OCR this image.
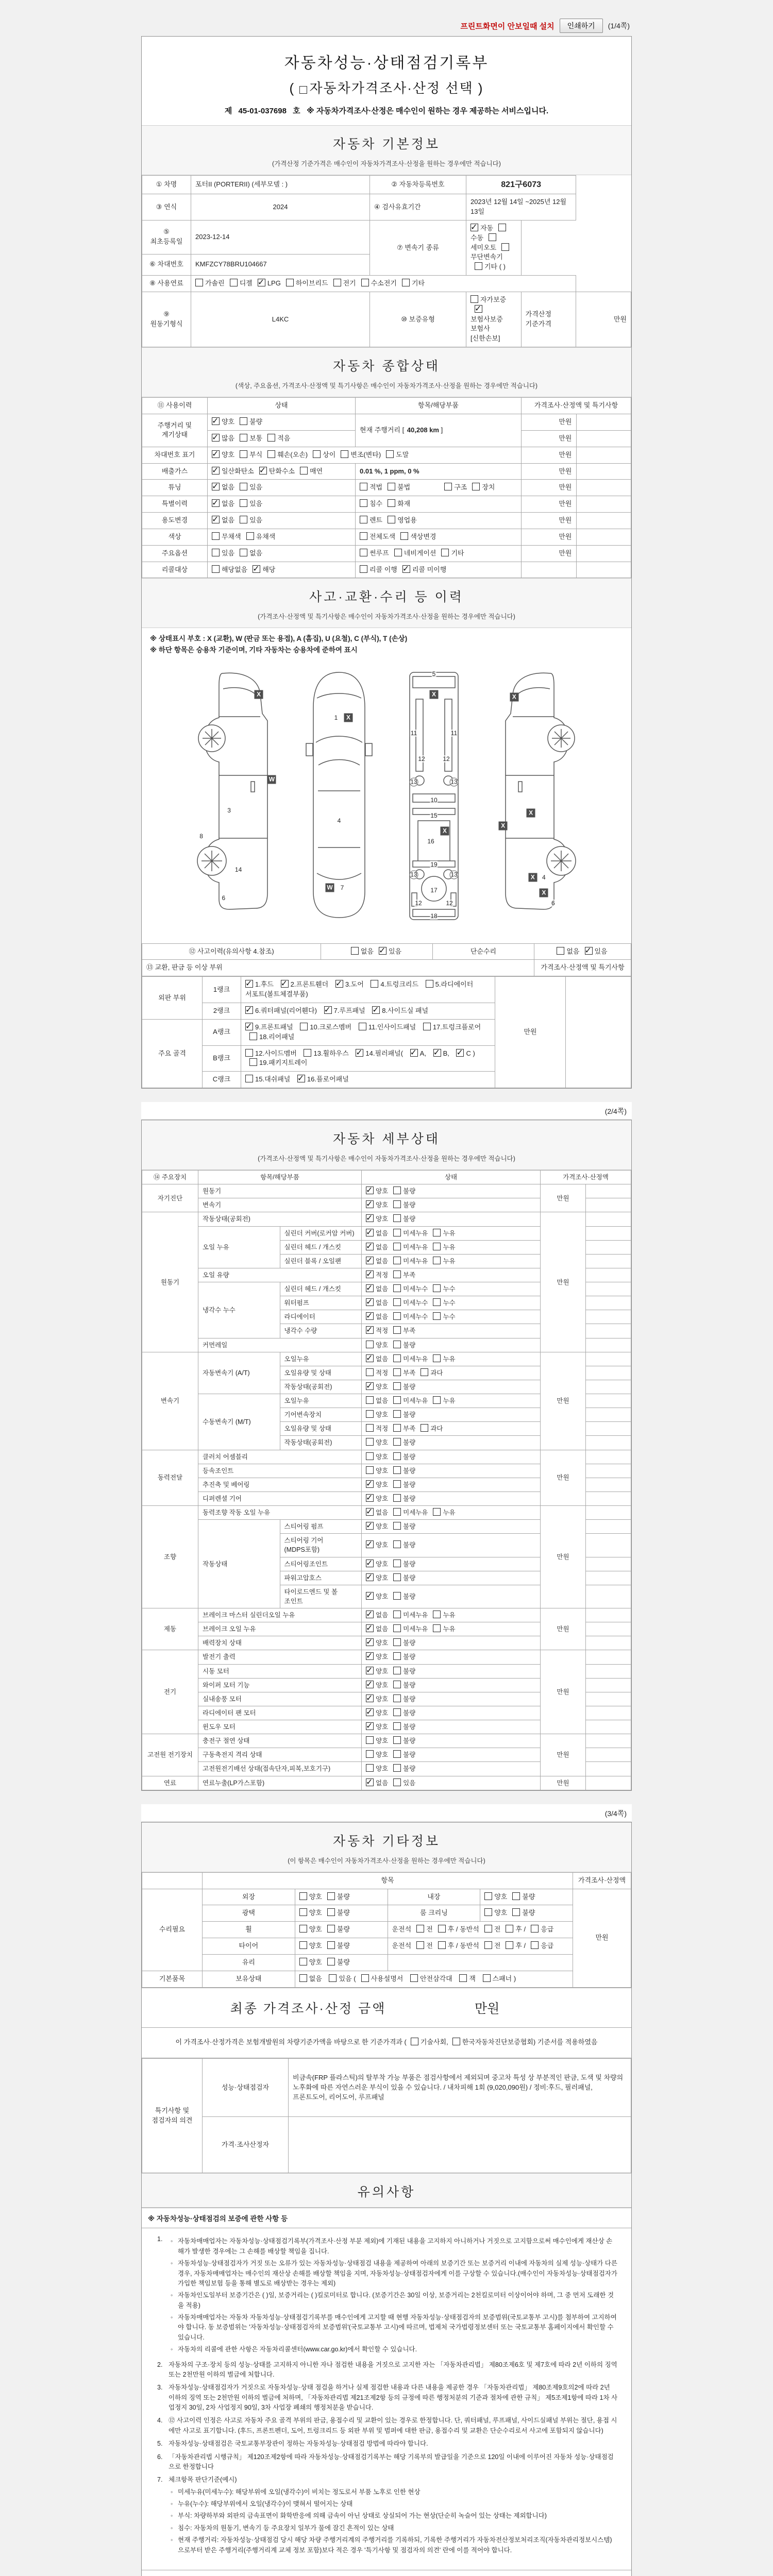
프린트화면이 안보일때 설치	인쇄하기	(1/4쪽)
자동차성능·상태점검기록부
( 자동차가격조사·산정 선택 )
제 45-01-037698 호 ※ 자동차가격조사·산정은 매수인이 원하는 경우 제공하는 서비스입니다.
자동차 기본정보
(가격산정 기준가격은 매수인이 자동차가격조사·산정을 원하는 경우에만 적습니다)
① 차명	포터II (PORTERII) (세부모델 : )	② 자동차등록번호	821구6073		
③ 연식	2024	④ 검사유효기간	2023년 12월 14일 ~2025년 12월 13일		
⑤ 최초등록일	2023-12-14	⑦ 변속기 종류	✓자동수동세미오토무단변속기기타 ( )
⑥ 차대번호	KMFZCY78BRU104667				
⑧ 사용연료	가솔린 디젤 ✓ LPG 하이브리드 전기 수소전기 기타
⑨ 원동기형식	L4KC	⑩ 보증유형	자가보증✓보험사보증 보험사[신한손보]	가격산정 기준가격	만원
자동차 종합상태
(색상, 주요옵션, 가격조사·산정액 및 특기사항은 매수인이 자동차가격조사·산정을 원하는 경우에만 적습니다)
⑪ 사용이력	상태	항목/해당부품	가격조사·산정액 및 특기사항	
주행거리 및 계기상태	✓양호 불량	현재 주행거리 [ 40,208 km ]	만원	
✓많음 보통 적음		만원	
차대번호 표기	✓양호 부식 훼손(오손) 상이 변조(변타) 도말		만원	
배출가스	✓일산화탄소 ✓ 탄화수소 매연	0.01 %, 1 ppm, 0 %	만원	
튜닝	✓없음 있음	적법 불법 구조 장치	만원	
특별이력	✓없음 있음	침수 화재	만원	
용도변경	✓없음 있음	렌트 영업용	만원	
색상	무채색 유채색	전체도색 색상변경	만원	
주요옵션	있음 없음	썬루프 네비게이션 기타	만원	
리콜대상	해당없음 ✓ 해당	리콜 이행 ✓ 리콜 미이행		
사고·교환·수리 등 이력
(가격조사·산정액 및 특기사항은 매수인이 자동차가격조사·산정을 원하는 경우에만 적습니다)
※ 상태표시 부호 : X (교환), W (판금 또는 용접), A (흠집), U (요철), C (부식), T (손상)
※ 하단 항목은 승용차 기준이며, 기타 자동차는 승용차에 준하여 표시
X
W
3
8
14
6
X
W
1
4
7
X
X
5
11	11
12	12
13	13
10
15
16
19
13	13
17
12	12
18
X
X
X
X
X
4
6
⑫ 사고이력(유의사항 4.참조)	없음 ✓ 있음	단순수리	없음 ✓ 있음
⑬ 교환, 판금 등 이상 부위			가격조사·산정액 및 특기사항
외판 부위	1랭크	✓1.후드 ✓2.프론트휀더 ✓3.도어 4.트렁크리드 5.라디에이터 서포트(볼트체결부품)	만원	
	2랭크	✓6.쿼터패널(리어휀다) ✓7.루프패널 ✓8.사이드실 패널
주요 골격	A랭크	✓9.프론트패널 10.크로스멤버 11.인사이드패널 17.트렁크플로어 18.리어패널
	B랭크	12.사이드멤버 13.휠하우스 ✓14.필러패널( ✓A, ✓B, ✓C ) 19.패키지트레이
	C랭크	15.대쉬패널 ✓16.플로어패널
(2/4쪽)
자동차 세부상태
(가격조사·산정액 및 특기사항은 매수인이 자동차가격조사·산정을 원하는 경우에만 적습니다)
⑭ 주요장치	항목/해당부품		상태	가격조사·산정액	
자기진단	원동기	✓양호 불량	만원	
	변속기	✓양호 불량	
원동기	작동상태(공회전)	✓양호 불량	만원	
	오일 누유	실린더 커버(로커암 커버)	✓없음 미세누유 누유	
		실린더 헤드 / 개스킷	✓없음 미세누유 누유	
		실린더 블록 / 오일팬	✓없음 미세누유 누유	
	오일 유량	✓적정 부족	
	냉각수 누수	실린더 헤드 / 개스킷	✓없음 미세누수 누수	
		워터펌프	✓없음 미세누수 누수	
		라디에이터	✓없음 미세누수 누수	
		냉각수 수량	✓적정 부족	
	커먼레일		양호 불량		
변속기	자동변속기 (A/T)	오일누유	✓없음 미세누유 누유	만원	
		오일유량 및 상태	적정 부족 과다		
		작동상태(공회전)	✓양호 불량	
	수동변속기 (M/T)	오일누유	없음 미세누유 누유		
		기어변속장치	양호 불량		
		오일유량 및 상태	적정 부족 과다		
		작동상태(공회전)	양호 불량		
동력전달	클러치 어셈블리		양호 불량	만원	
	등속조인트		양호 불량		
	추진축 및 베어링	✓양호 불량	
	디퍼렌셜 기어	✓양호 불량	
조향	동력조향 작동 오일 누유	✓없음 미세누유 누유	만원	
	작동상태	스티어링 펌프	✓양호 불량	
		스티어링 기어(MDPS포함)	✓양호 불량	
		스티어링조인트	✓양호 불량	
		파워고압호스	✓양호 불량	
		타이로드엔드 및 볼 조인트	✓양호 불량	
제동	브레이크 마스터 실린더오일 누유	✓없음 미세누유 누유	만원	
	브레이크 오일 누유	✓없음 미세누유 누유	
	배력장치 상태	✓양호 불량	
전기	발전기 출력	✓양호 불량	만원	
	시동 모터	✓양호 불량	
	와이퍼 모터 기능	✓양호 불량	
	실내송풍 모터	✓양호 불량	
	라디에이터 팬 모터	✓양호 불량	
	윈도우 모터	✓양호 불량	
고전원 전기장치	충전구 절연 상태		양호 불량	만원	
	구동축전지 격리 상태		양호 불량		
	고전원전기배선 상태(접속단자,피복,보호기구)		양호 불량		
연료	연료누출(LP가스포함)	✓없음 있음	만원	
(3/4쪽)
자동차 기타정보
(이 항목은 매수인이 자동차가격조사·산정을 원하는 경우에만 적습니다)
	항목				가격조사·산정액
수리필요	외장	양호 불량	내장	양호 불량	만원
	광택	양호 불량	룸 크리닝	양호 불량	
	휠	양호 불량	운전석 전 후 / 동반석 전 후 / 응급		
	타이어	양호 불량	운전석 전 후 / 동반석 전 후 / 응급		
	유리	양호 불량			
기본품목	보유상태	없음 있음 ( 사용설명서 안전삼각대 잭 스패너 )			
최종 가격조사·산정 금액	만원
이 가격조사·산정가격은 보험개발원의 차량기준가액을 바탕으로 한 기준가격과 ( 기술사회, 한국자동차진단보증협회) 기준서를 적용하였음
특기사항 및 점검자의 의견	성능·상태점검자	비금속(FRP 플라스틱)의 탈부착 가능 부품은 점검사항에서 제외되며 중고차 특성 상 부분적인 판금, 도색 및 차량의 노후화에 따른 자연스러운 부식이 있을 수 있습니다. / 내차피해 1회 (9,020,090원) / 정비:후드, 필러패널, 프론트도어, 리어도어, 루프패널
	가격·조사산정자	
유의사항
※ 자동차성능·상태점검의 보증에 관한 사항 등
1.	◦ 자동차매매업자는 자동차성능·상태점검기록부(가격조사·산정 부분 제외)에 기재된 내용을 고지하지 아니하거나 거짓으로 고지함으로써 매수인에게 재산상 손해가 발생한 경우에는 그 손해를 배상할 책임을 집니다.
◦ 자동차성능·상태점검자가 거짓 또는 오류가 있는 자동차성능·상태점검 내용을 제공하여 아래의 보증기간 또는 보증거리 이내에 자동차의 실제 성능·상태가 다른 경우, 자동차매매업자는 매수인의 재산상 손해를 배상할 책임을 지며, 자동차성능·상태점검자에게 이를 구상할 수 있습니다.(매수인이 자동차성능·상태점검자가 가입한 책임보험 등을 통해 별도로 배상받는 경우는 제외)
◦ 자동차인도일부터 보증기간은 ( )일, 보증거리는 ( )킬로미터로 합니다. (보증기간은 30일 이상, 보증거리는 2천킬로미터 이상이어야 하며, 그 중 먼저 도래한 것을 적용)
◦ 자동차매매업자는 자동차 자동차성능·상태점검기록부를 매수인에게 고지할 때 현행 자동차성능·상태점검자의 보증범위(국토교통부 고시)를 첨부하여 고지하여야 합니다. 동 보증범위는 '자동차성능·상태점검자의 보증범위'(국토교통부 고시)에 따르며, 법제처 국가법령정보센터 또는 국토교통부 홈페이지에서 확인할 수 있습니다.
◦ 자동차의 리콜에 관한 사항은 자동차리콜센터(www.car.go.kr)에서 확인할 수 있습니다.
2. 자동차의 구조·장치 등의 성능·상태를 고지하지 아니한 자나 점검한 내용을 거짓으로 고지한 자는 「자동차관리법」 제80조제6호 및 제7호에 따라 2년 이하의 징역 또는 2천만원 이하의 벌금에 처합니다.
3. 자동차성능·상태점검자가 거짓으로 자동차성능·상태 점검을 하거나 실제 점검한 내용과 다른 내용을 제공한 경우 「자동차관리법」 제80조제9호의2에 따라 2년 이하의 징역 또는 2천만원 이하의 벌금에 처하며, 「자동차관리법 제21조제2항 등의 규정에 따른 행정처분의 기준과 절차에 관한 규칙」 제5조제1항에 따라 1차 사업정지 30일, 2차 사업정지 90일, 3차 사업장 폐쇄의 행정처분을 받습니다.
4. ⑫ 사고이력 인정은 사고로 자동차 주요 골격 부위의 판금, 용접수리 및 교환이 있는 경우로 한정합니다. 단, 쿼터패널, 루프패널, 사이드실패널 부위는 절단, 용접 시에만 사고로 표기합니다. (후드, 프론트펜더, 도어, 트렁크리드 등 외판 부위 및 범퍼에 대한 판금, 용접수리 및 교환은 단순수리로서 사고에 포함되지 않습니다)
5. 자동차성능·상태점검은 국토교통부장관이 정하는 자동차성능·상태점검 방법에 따라야 합니다.
6. 「자동차관리법 시행규칙」 제120조제2항에 따라 자동차성능·상태점검기록부는 해당 기록부의 발급일을 기준으로 120일 이내에 이루어진 자동차 성능·상태점검으로 한정합니다
7. 체크항목 판단기준(예시)
◦ 미세누유(미세누수): 해당부위에 오일(냉각수)이 비치는 정도로서 부품 노후로 인한 현상
◦ 누유(누수): 해당부위에서 오일(냉각수)이 맺혀서 떨어지는 상태
◦ 부식: 차량하부와 외판의 금속표면이 화학반응에 의해 금속이 아닌 상태로 상실되어 가는 현상(단순히 녹슬어 있는 상태는 제외합니다)
◦ 침수: 자동차의 원동기, 변속기 등 주요장치 일부가 물에 잠긴 흔적이 있는 상태
◦ 현재 주행거리: 자동차성능·상태점검 당시 해당 차량 주행거리계의 주행거리를 기록하되, 기록한 주행거리가 자동차전산정보처리조직(자동차관리정보시스템)으로부터 받은 주행거리(주행거리계 교체 정보 포함)보다 적은 경우 '특기사항 및 점검자의 의견' 란에 이를 적어야 합니다.
